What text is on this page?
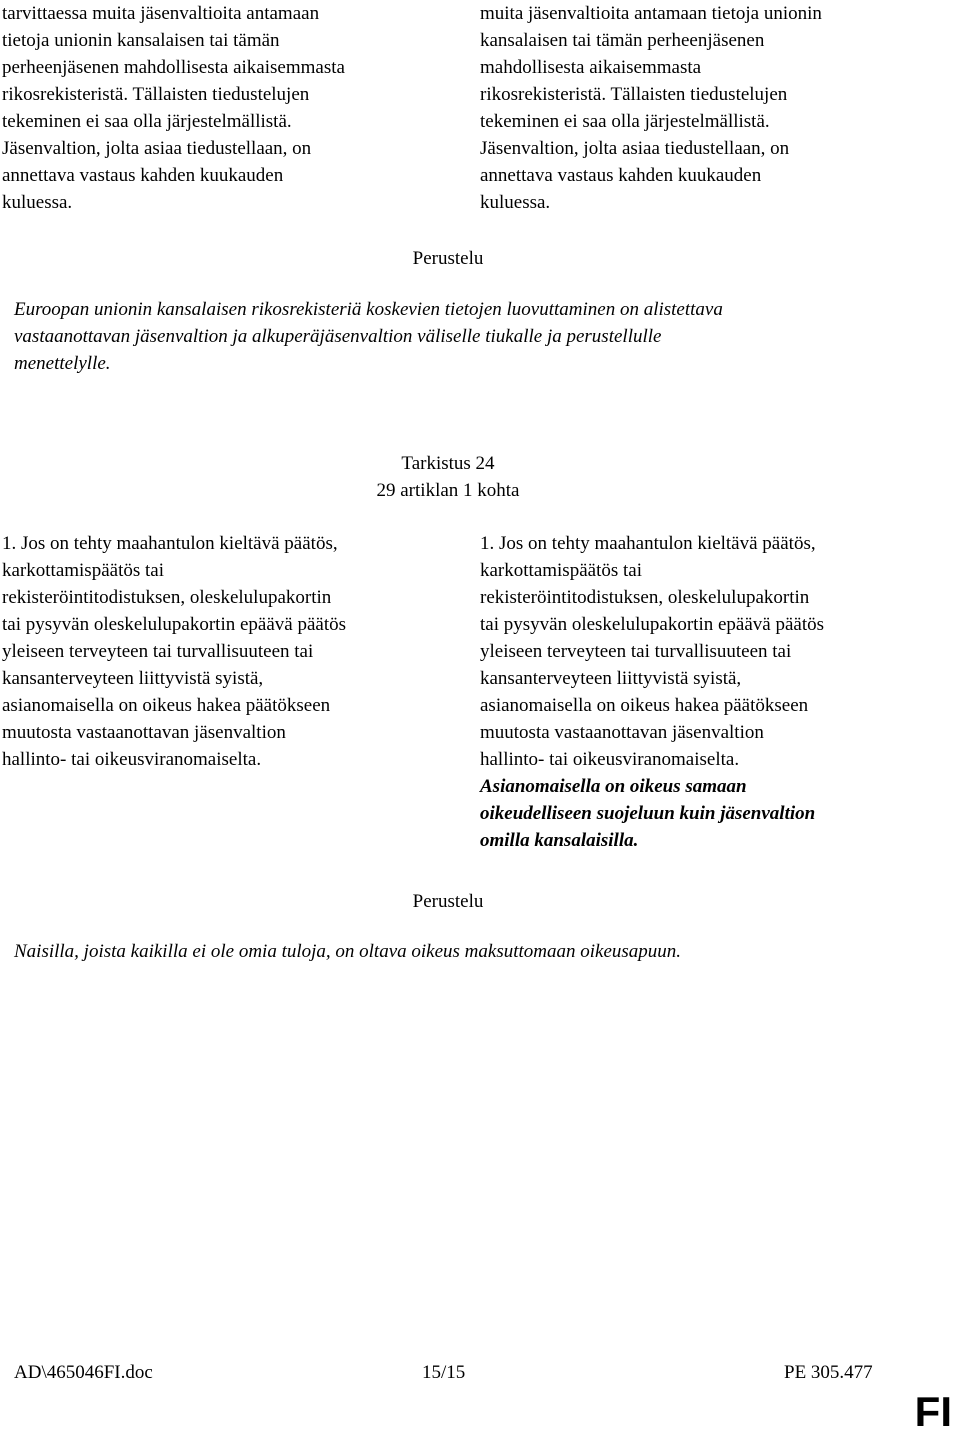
tarvittaessa muita jäsenvaltioita antamaan
tietoja unionin kansalaisen tai tämän
perheenjäsenen mahdollisesta aikaisemmasta
rikosrekisteristä. Tällaisten tiedustelujen
tekeminen ei saa olla järjestelmällistä.
Jäsenvaltion, jolta asiaa tiedustellaan, on
annettava vastaus kahden kuukauden
kuluessa.
muita jäsenvaltioita antamaan tietoja unionin
kansalaisen tai tämän perheenjäsenen
mahdollisesta aikaisemmasta
rikosrekisteristä. Tällaisten tiedustelujen
tekeminen ei saa olla järjestelmällistä.
Jäsenvaltion, jolta asiaa tiedustellaan, on
annettava vastaus kahden kuukauden
kuluessa.
Perustelu
Euroopan unionin kansalaisen rikosrekisteriä koskevien tietojen luovuttaminen on alistettava
vastaanottavan jäsenvaltion ja alkuperäjäsenvaltion väliselle tiukalle ja perustellulle
menettelylle.
Tarkistus 24
29 artiklan 1 kohta
1. Jos on tehty maahantulon kieltävä päätös,
karkottamispäätös tai
rekisteröintitodistuksen, oleskelulupakortin
tai pysyvän oleskelulupakortin epäävä päätös
yleiseen terveyteen tai turvallisuuteen tai
kansanterveyteen liittyvistä syistä,
asianomaisella on oikeus hakea päätökseen
muutosta vastaanottavan jäsenvaltion
hallinto- tai oikeusviranomaiselta.
1. Jos on tehty maahantulon kieltävä päätös,
karkottamispäätös tai
rekisteröintitodistuksen, oleskelulupakortin
tai pysyvän oleskelulupakortin epäävä päätös
yleiseen terveyteen tai turvallisuuteen tai
kansanterveyteen liittyvistä syistä,
asianomaisella on oikeus hakea päätökseen
muutosta vastaanottavan jäsenvaltion
hallinto- tai oikeusviranomaiselta.
Asianomaisella on oikeus samaan
oikeudelliseen suojeluun kuin jäsenvaltion
omilla kansalaisilla.
Perustelu
Naisilla, joista kaikilla ei ole omia tuloja, on oltava oikeus maksuttomaan oikeusapuun.
AD\465046FI.doc	15/15	PE 305.477
FI
